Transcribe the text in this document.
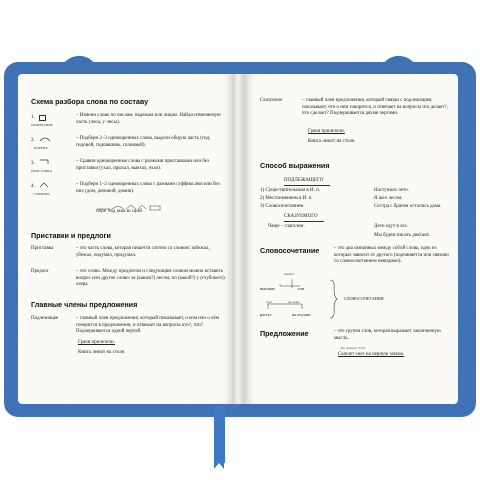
Схема разбора слова по составу
1.
ОКОНЧАНИЕ
– Измени слово по числам, падежам или лицам. Найди изменяемую часть (лиса, у лисы).
2.
КОРЕНЬ
– Подбери 2–3 однокоренных слова, выдели общую часть (гид, гидовой, гидовшины, головаый).
3.
ПРИСТАВКА
– Сравни однокоренные слова с разными приставками или без приставки (ухал, прыхал, выехал, ехал).
4.
СУФФИКС
– Подбери 1–2 однокоренных слова с разными суффиксами или без них (дом, домовой, домик).
пере сад ыва ю щий
Приставки и предлоги
Приставка	– это часть слова, которая пишется слитно со словом: забежал, убежал, подумал, придумал.
Предлог	– это слово. Между предлогом и следующим словом можно вставить вопрос или другое слово: за (каким?) лесом, по (какой?) у (глубокого) озера.
Главные члены предложения
Подлежащее	– главный член предложения, который показывает, о ком или о чём говорится в предложении, и отвечает на вопросы кто?, что? Подчеркивается одной чертой.
Грачи прилетели.
Книга лежит на столе.
Сказуемое	– главный член предложения, который связан с подлежащим, показывает, что о нем говорится, и отвечает на вопросы что делает?, что сделает? Подчеркивается двумя чертами.
Грачи прилетели.
Книга лежит на столе.
Способ выражения
ПОДЛЕЖАЩЕГО
1) Существительным в И. п.	Наступило лето.
2) Местоимением в И. п.	Я шел лесом.
3) Словосочетанием.	Сестра с братом остались дома.
СКАЗУЕМОГО
Чаще – глаголом.	Дети едут в лес.
Мы будем писать диктант.
Словосочетание	– это два связанных между собой слова, одно из которых зависит от другого (подчиняется или связано со словосочетанием невидимо).
каких?
высокие	ели
где?	на чем?
растут	на опушке
СЛОВОСОЧЕТАНИЯ
Предложение	– это группа слов, которая выражает законченную мысль.
что делает? что?
Сыплет снег на черную землю.
